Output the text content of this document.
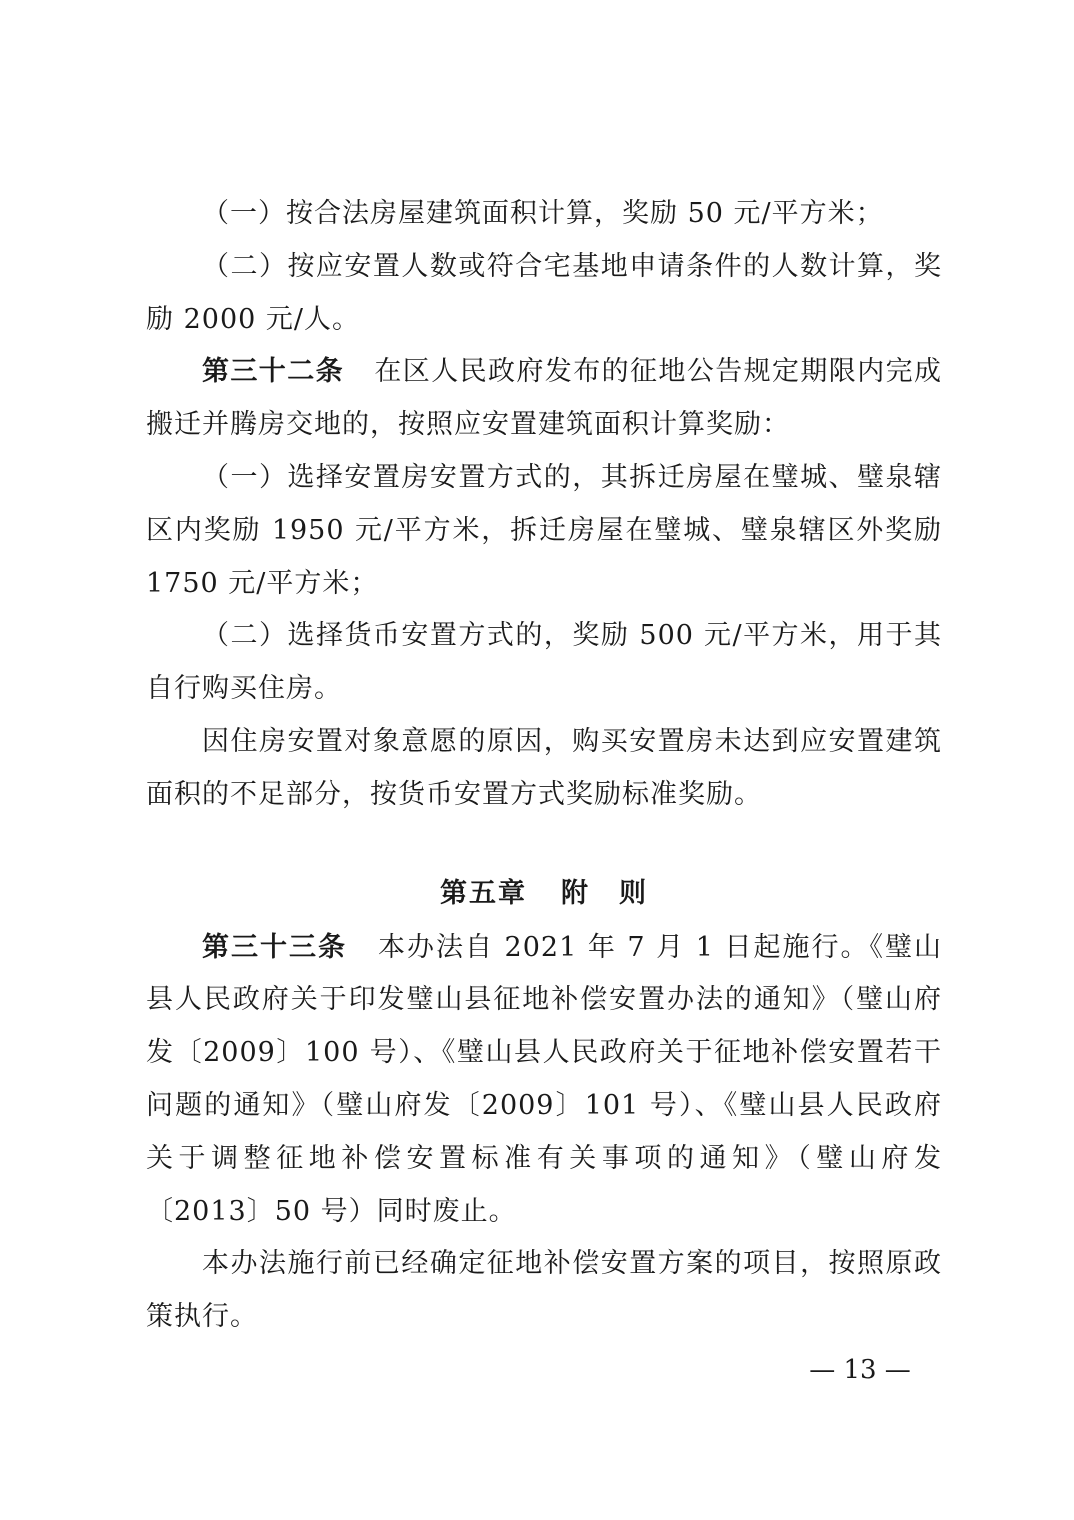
（一）按合法房屋建筑面积计算，奖励 50 元/平方米；

（二）按应安置人数或符合宅基地申请条件的人数计算，奖励 2000 元/人。

第三十二条 在区人民政府发布的征地公告规定期限内完成搬迁并腾房交地的，按照应安置建筑面积计算奖励：

（一）选择安置房安置方式的，其拆迁房屋在璧城、璧泉辖区内奖励 1950 元/平方米，拆迁房屋在璧城、璧泉辖区外奖励 1750 元/平方米；

（二）选择货币安置方式的，奖励 500 元/平方米，用于其自行购买住房。

因住房安置对象意愿的原因，购买安置房未达到应安置建筑面积的不足部分，按货币安置方式奖励标准奖励。

第五章 附　则

第三十三条 本办法自 2021 年 7 月 1 日起施行。《璧山县人民政府关于印发璧山县征地补偿安置办法的通知》（璧山府发〔2009〕100 号）、《璧山县人民政府关于征地补偿安置若干问题的通知》（璧山府发〔2009〕101 号）、《璧山县人民政府关于调整征地补偿安置标准有关事项的通知》（璧山府发〔2013〕50 号）同时废止。

本办法施行前已经确定征地补偿安置方案的项目，按照原政策执行。

— 13 —
